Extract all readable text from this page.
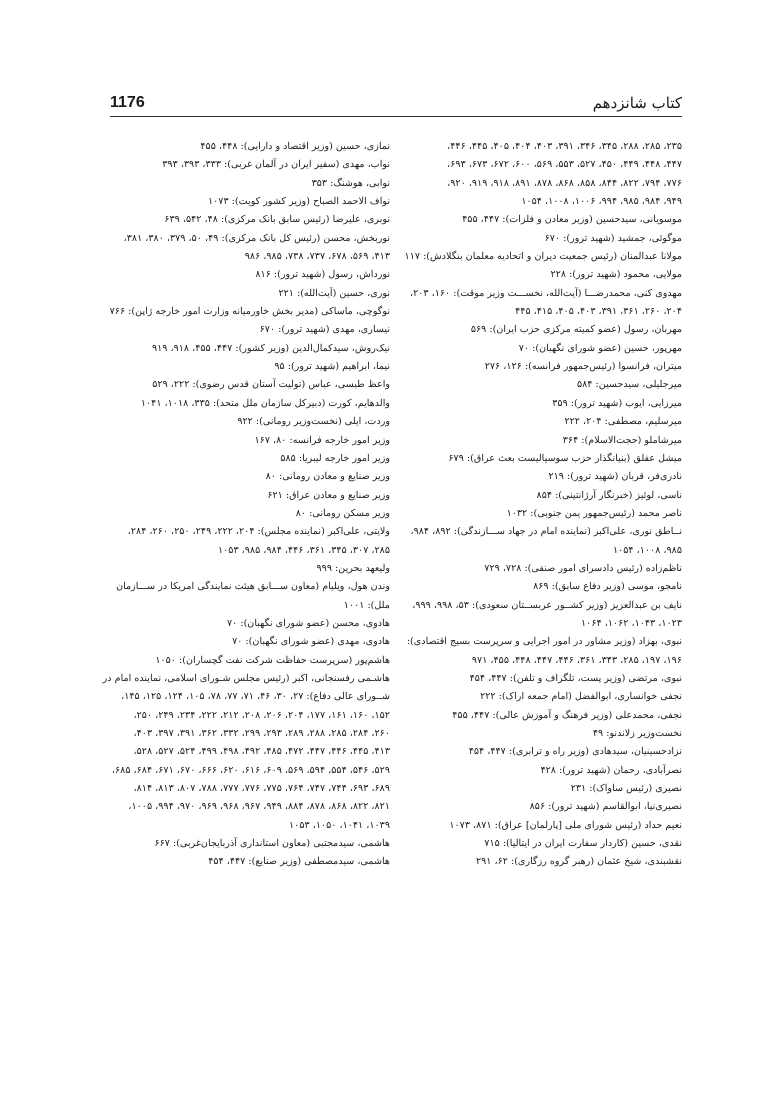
1176	کتاب شانزدهم
۲۳۵، ۲۸۵، ۲۸۸، ۳۴۵، ۳۴۶، ۳۹۱، ۴۰۳، ۴۰۴، ۴۰۵، ۴۴۵، ۴۴۶،
۴۴۷، ۴۴۸، ۴۴۹، ۴۵۰، ۵۲۷، ۵۵۳، ۵۶۹، ۶۰۰، ۶۷۲، ۶۷۳، ۶۹۳،
۷۷۶، ۷۹۴، ۸۲۲، ۸۴۴، ۸۵۸، ۸۶۸، ۸۷۸، ۸۹۱، ۹۱۸، ۹۱۹، ۹۲۰،
۹۴۹، ۹۸۴، ۹۸۵، ۹۹۴، ۱۰۰۶، ۱۰۰۸، ۱۰۵۴
موسویانی، سیدحسین (وزیر معادن و فلزات): ۴۴۷، ۴۵۵
موگوئی، جمشید (شهید ترور): ۶۷۰
مولانا عبدالمنان (رئیس جمعیت دیران و اتحادیه معلمان بنگلادش): ۱۱۷
مولایی، محمود (شهید ترور): ۲۲۸
مهدوی کنی، محمدرضـــا (آیت‌الله، نخســـت وزیر موقت): ۱۶۰، ۲۰۳،
۲۰۴، ۲۶۰، ۳۶۱، ۳۹۱، ۴۰۳، ۴۰۵، ۴۱۵، ۴۴۵
مهربان، رسول (عضو کمیته مرکزی حزب ایران): ۵۶۹
مهرپور، حسین (عضو شورای نگهبان): ۷۰
میتران، فرانسوا (رئیس‌جمهور فرانسه): ۱۲۶، ۲۷۶
میرجلیلی، سیدحسین: ۵۸۴
میرزایی، ایوب (شهید ترور): ۳۵۹
میرسلیم، مصطفی: ۲۰۴، ۲۲۲
میرشاملو (حجت‌الاسلام): ۳۶۴
میشل عفلق (بنیانگذار حزب سوسیالیست بعث عراق): ۶۷۹
نادری‌فر، قربان (شهید ترور): ۲۱۹
ناسی، لوئیز (خبرنگار آرژانتینی): ۸۵۴
ناصر محمد (رئیس‌جمهور یمن جنوبی): ۱۰۳۲
نــاطق نوری، علی‌اکبر (نماینده امام در جهاد ســـازندگی): ۸۹۲، ۹۸۴،
۹۸۵، ۱۰۰۸، ۱۰۵۴
ناظم‌زاده (رئیس دادسرای امور صنفی): ۷۲۸، ۷۲۹
نامجو، موسی (وزیر دفاع سابق): ۸۶۹
نایف بن عبدالعزیز (وزیر کشــور عربســتان سعودی): ۵۳، ۹۹۸، ۹۹۹،
۱۰۲۳، ۱۰۴۳، ۱۰۶۲، ۱۰۶۴
نبوی، بهزاد (وزیر مشاور در امور اجرایی و سرپرست بسیج اقتصادی):
۱۹۶، ۱۹۷، ۲۸۵، ۳۴۳، ۳۶۱، ۴۴۶، ۴۴۷، ۴۴۸، ۴۵۵، ۹۷۱
نبوی، مرتضی (وزیر پست، تلگراف و تلفن): ۴۴۷، ۴۵۴
نجفی خوانساری، ابوالفضل (امام جمعه اراک): ۲۲۲
نجفی، محمدعلی (وزیر فرهنگ و آموزش عالی): ۴۴۷، ۴۵۵
نخست‌وزیر زلاندنو: ۴۹
نزادحسینیان، سیدهادی (وزیر راه و ترابری): ۴۴۷، ۴۵۴
نصرآبادی، رحمان (شهید ترور): ۴۲۸
نصیری (رئیس ساواک): ۲۳۱
نصیری‌نیا، ابوالقاسم (شهید ترور): ۸۵۶
نعیم حداد (رئیس شورای ملی [پارلمان] عراق): ۸۷۱، ۱۰۷۳
نقدی، حسین (کاردار سفارت ایران در ایتالیا): ۷۱۵
نقشبندی، شیخ عثمان (رهبر گروه رزگاری): ۶۲، ۲۹۱
نمازی، حسین (وزیر اقتصاد و دارایی): ۴۴۸، ۴۵۵
نواب، مهدی (سفیر ایران در آلمان غربی): ۳۳۳، ۳۹۳، ۳۹۳
نوابی، هوشنگ: ۳۵۳
نواف الاحمد الصباح (وزیر کشور کویت): ۱۰۷۳
نوبری، علیرضا (رئیس سابق بانک مرکزی): ۴۸، ۵۴۲، ۶۳۹
نوربخش، محسن (رئیس کل بانک مرکزی): ۴۹، ۵۰، ۳۷۹، ۳۸۰، ۳۸۱،
۴۱۳، ۵۶۹، ۶۷۸، ۷۳۷، ۷۳۸، ۹۸۵، ۹۸۶
نورداش، رسول (شهید ترور): ۸۱۶
نوری، حسین (آیت‌الله): ۲۲۱
نوگوچی، ماساکی (مدیر بخش خاورمیانه وزارت امور خارجه ژاپن): ۷۶۶
نیساری، مهدی (شهید ترور): ۶۷۰
نیک‌روش، سیدکمال‌الدین (وزیر کشور): ۴۴۷، ۴۵۵، ۹۱۸، ۹۱۹
نیما، ابراهیم (شهید ترور): ۹۵
واعظ طبسی، عباس (تولیت آستان قدس رضوی): ۲۲۲، ۵۲۹
والدهایم، کورت (دبیرکل سازمان ملل متحد): ۳۳۵، ۱۰۱۸، ۱۰۴۱
وردت، ایلی (نخست‌وزیر رومانی): ۹۲۲
وزیر امور خارجه فرانسه: ۸۰، ۱۶۷
وزیر امور خارجه لیبریا: ۵۸۵
وزیر صنایع و معادن رومانی: ۸۰
وزیر صنایع و معادن عراق: ۶۲۱
وزیر مسکن رومانی: ۸۰
ولایتی، علی‌اکبر (نماینده مجلس): ۲۰۴، ۲۲۲، ۲۴۹، ۲۵۰، ۲۶۰، ۲۸۴،
۲۸۵، ۳۰۷، ۳۴۵، ۳۶۱، ۴۴۶، ۹۸۴، ۹۸۵، ۱۰۵۳
ولیعهد بحرین: ۹۹۹
وندن هول، ویلیام (معاون ســـابق هیئت نمایندگی امریکا در ســـازمان
ملل): ۱۰۰۱
هادوی، محسن (عضو شورای نگهبان): ۷۰
هادوی، مهدی (عضو شورای نگهبان): ۷۰
هاشم‌پور (سرپرست حفاظت شرکت نفت گچساران): ۱۰۵۰
هاشـمی رفسنجانی، اکبر (رئیس مجلس شـورای اسلامی، نماینده امام در
شــورای عالی دفاع): ۲۷، ۳۰، ۴۶، ۷۱، ۷۷، ۷۸، ۱۰۵، ۱۲۴، ۱۲۵، ۱۴۵،
۱۵۲، ۱۶۰، ۱۶۱، ۱۷۷، ۲۰۴، ۲۰۶، ۲۰۸، ۲۱۲، ۲۲۲، ۲۳۴، ۲۴۹، ۲۵۰،
۲۶۰، ۲۸۴، ۲۸۵، ۲۸۸، ۲۸۹، ۲۹۳، ۲۹۹، ۳۳۲، ۳۶۲، ۳۹۱، ۳۹۷، ۴۰۳،
۴۱۳، ۴۴۵، ۴۴۶، ۴۴۷، ۴۷۲، ۴۸۵، ۴۹۲، ۴۹۸، ۴۹۹، ۵۲۴، ۵۲۷، ۵۲۸،
۵۲۹، ۵۴۶، ۵۵۴، ۵۹۴، ۵۶۹، ۶۰۹، ۶۱۶، ۶۲۰، ۶۶۶، ۶۷۰، ۶۷۱، ۶۸۴، ۶۸۵،
۶۸۹، ۶۹۳، ۷۴۴، ۷۴۷، ۷۶۴، ۷۷۵، ۷۷۶، ۷۷۷، ۷۸۸، ۸۰۷، ۸۱۳، ۸۱۴،
۸۲۱، ۸۲۲، ۸۶۸، ۸۷۸، ۸۸۴، ۹۴۹، ۹۶۷، ۹۶۸، ۹۶۹، ۹۷۰، ۹۹۴، ۱۰۰۵،
۱۰۳۹، ۱۰۴۱، ۱۰۵۰، ۱۰۵۳
هاشمی، سیدمجتبی (معاون استانداری آذربایجان‌غربی): ۶۶۷
هاشمی، سیدمصطفی (وزیر صنایع): ۴۴۷، ۴۵۴
